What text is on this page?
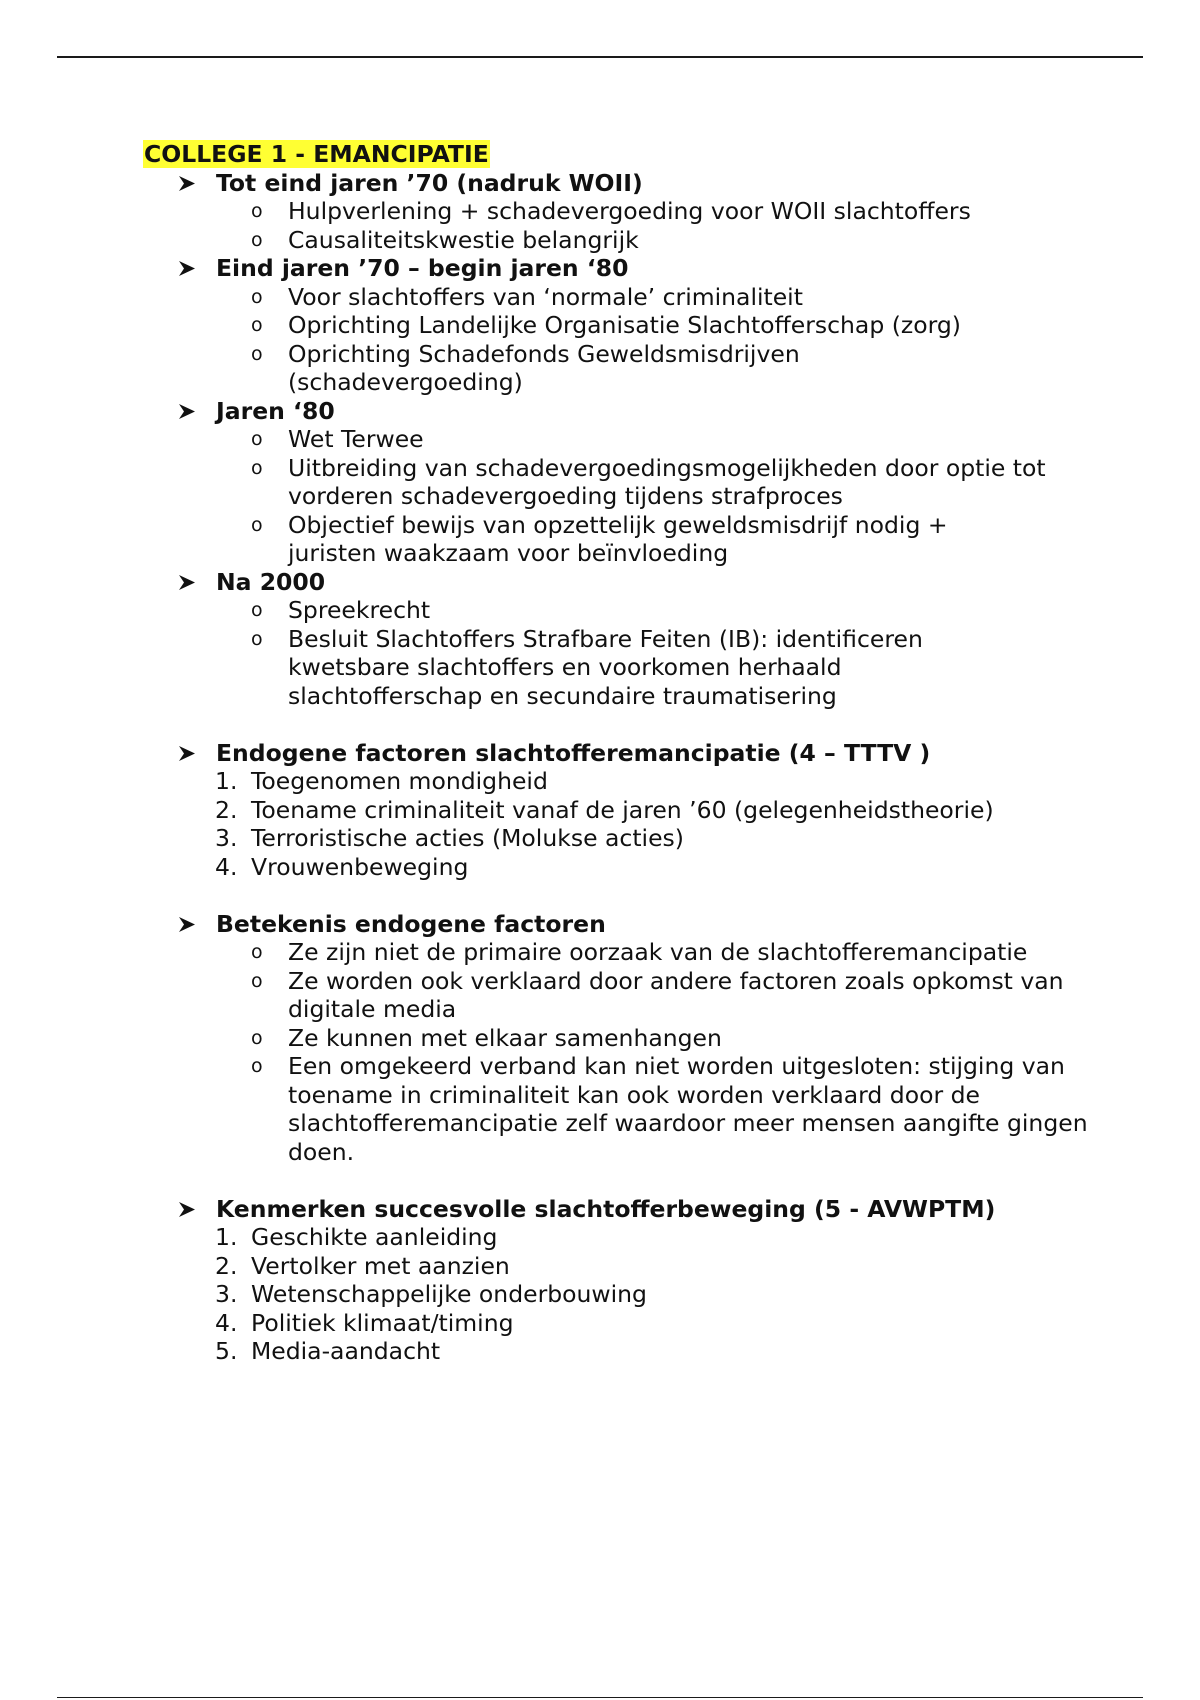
COLLEGE 1 - EMANCIPATIE
Tot eind jaren ’70 (nadruk WOII)
o Hulpverlening + schadevergoeding voor WOII slachtoffers
o Causaliteitskwestie belangrijk
Eind jaren ’70 – begin jaren ‘80
o Voor slachtoffers van ‘normale’ criminaliteit
o Oprichting Landelijke Organisatie Slachtofferschap (zorg)
o Oprichting Schadefonds Geweldsmisdrijven (schadevergoeding)
Jaren ‘80
o Wet Terwee
o Uitbreiding van schadevergoedingsmogelijkheden door optie tot vorderen schadevergoeding tijdens strafproces
o Objectief bewijs van opzettelijk geweldsmisdrijf nodig + juristen waakzaam voor beïnvloeding
Na 2000
o Spreekrecht
o Besluit Slachtoffers Strafbare Feiten (IB): identificeren kwetsbare slachtoffers en voorkomen herhaald slachtofferschap en secundaire traumatisering
Endogene factoren slachtofferemancipatie (4 – TTTV )
1. Toegenomen mondigheid
2. Toename criminaliteit vanaf de jaren ’60 (gelegenheidstheorie)
3. Terroristische acties (Molukse acties)
4. Vrouwenbeweging
Betekenis endogene factoren
o Ze zijn niet de primaire oorzaak van de slachtofferemancipatie
o Ze worden ook verklaard door andere factoren zoals opkomst van digitale media
o Ze kunnen met elkaar samenhangen
o Een omgekeerd verband kan niet worden uitgesloten: stijging van toename in criminaliteit kan ook worden verklaard door de slachtofferemancipatie zelf waardoor meer mensen aangifte gingen doen.
Kenmerken succesvolle slachtofferbeweging (5 - AVWPTM)
1. Geschikte aanleiding
2. Vertolker met aanzien
3. Wetenschappelijke onderbouwing
4. Politiek klimaat/timing
5. Media-aandacht
